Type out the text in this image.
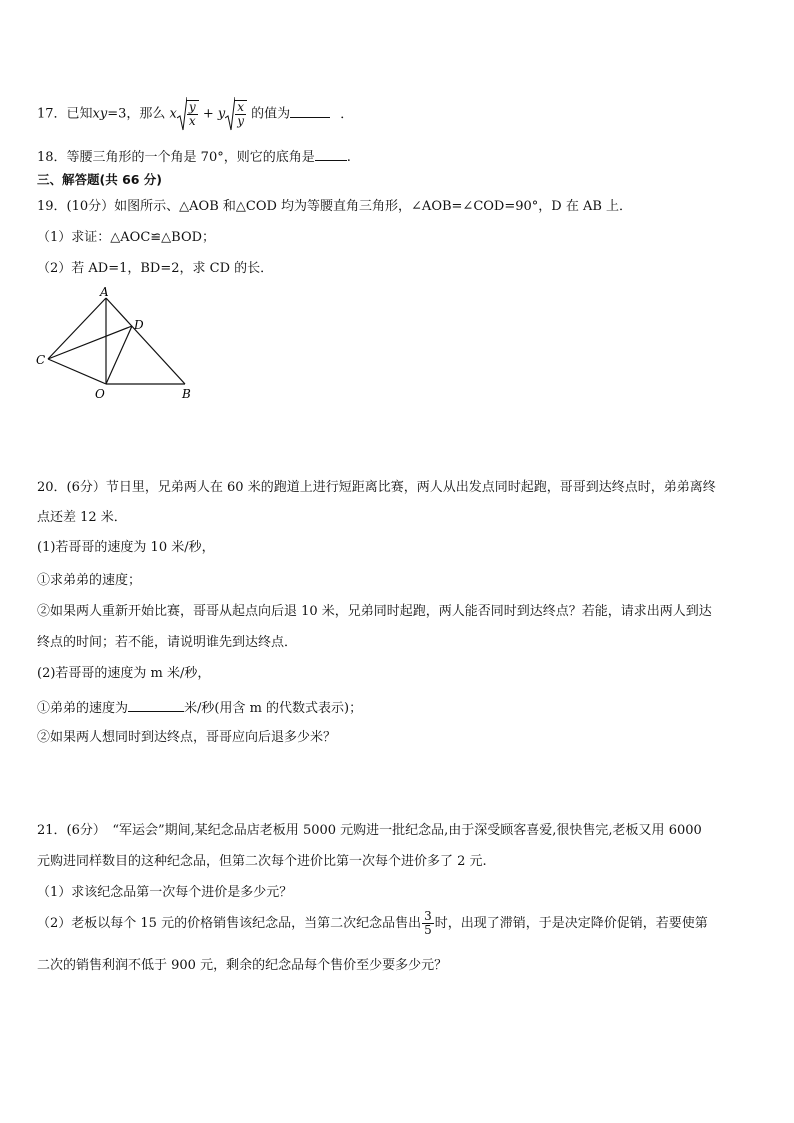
17．已知xy=3，那么 x $\frac{y}{x} + y \frac{x}{y}$ 的值为	．
18．等腰三角形的一个角是 70°，则它的底角是 .
三、解答题(共 66 分)
19．(10分）如图所示、△AOB 和△COD 均为等腰直角三角形，∠AOB=∠COD=90°，D 在 AB 上．
（1）求证：△AOC≌△BOD；
（2）若 AD=1，BD=2，求 CD 的长．
A
D
C
O	B
20．(6分）节日里，兄弟两人在 60 米的跑道上进行短距离比赛，两人从出发点同时起跑，哥哥到达终点时，弟弟离终
点还差 12 米．
(1)若哥哥的速度为 10 米/秒，
①求弟弟的速度；
②如果两人重新开始比赛，哥哥从起点向后退 10 米，兄弟同时起跑，两人能否同时到达终点？若能，请求出两人到达
终点的时间；若不能，请说明谁先到达终点．
(2)若哥哥的速度为 m 米/秒，
①弟弟的速度为	米/秒(用含 m 的代数式表示)；
②如果两人想同时到达终点，哥哥应向后退多少米？
21．(6分）　“军运会”期间,某纪念品店老板用 5000 元购进一批纪念品,由于深受顾客喜爱,很快售完,老板又用 6000
元购进同样数目的这种纪念品，但第二次每个进价比第一次每个进价多了 2 元.
（1）求该纪念品第一次每个进价是多少元？
（2）老板以每个 15 元的价格销售该纪念品，当第二次纪念品售出 $\frac{3}{5}$ 时，出现了滞销，于是决定降价促销，若要使第
二次的销售利润不低于 900 元，剩余的纪念品每个售价至少要多少元？
